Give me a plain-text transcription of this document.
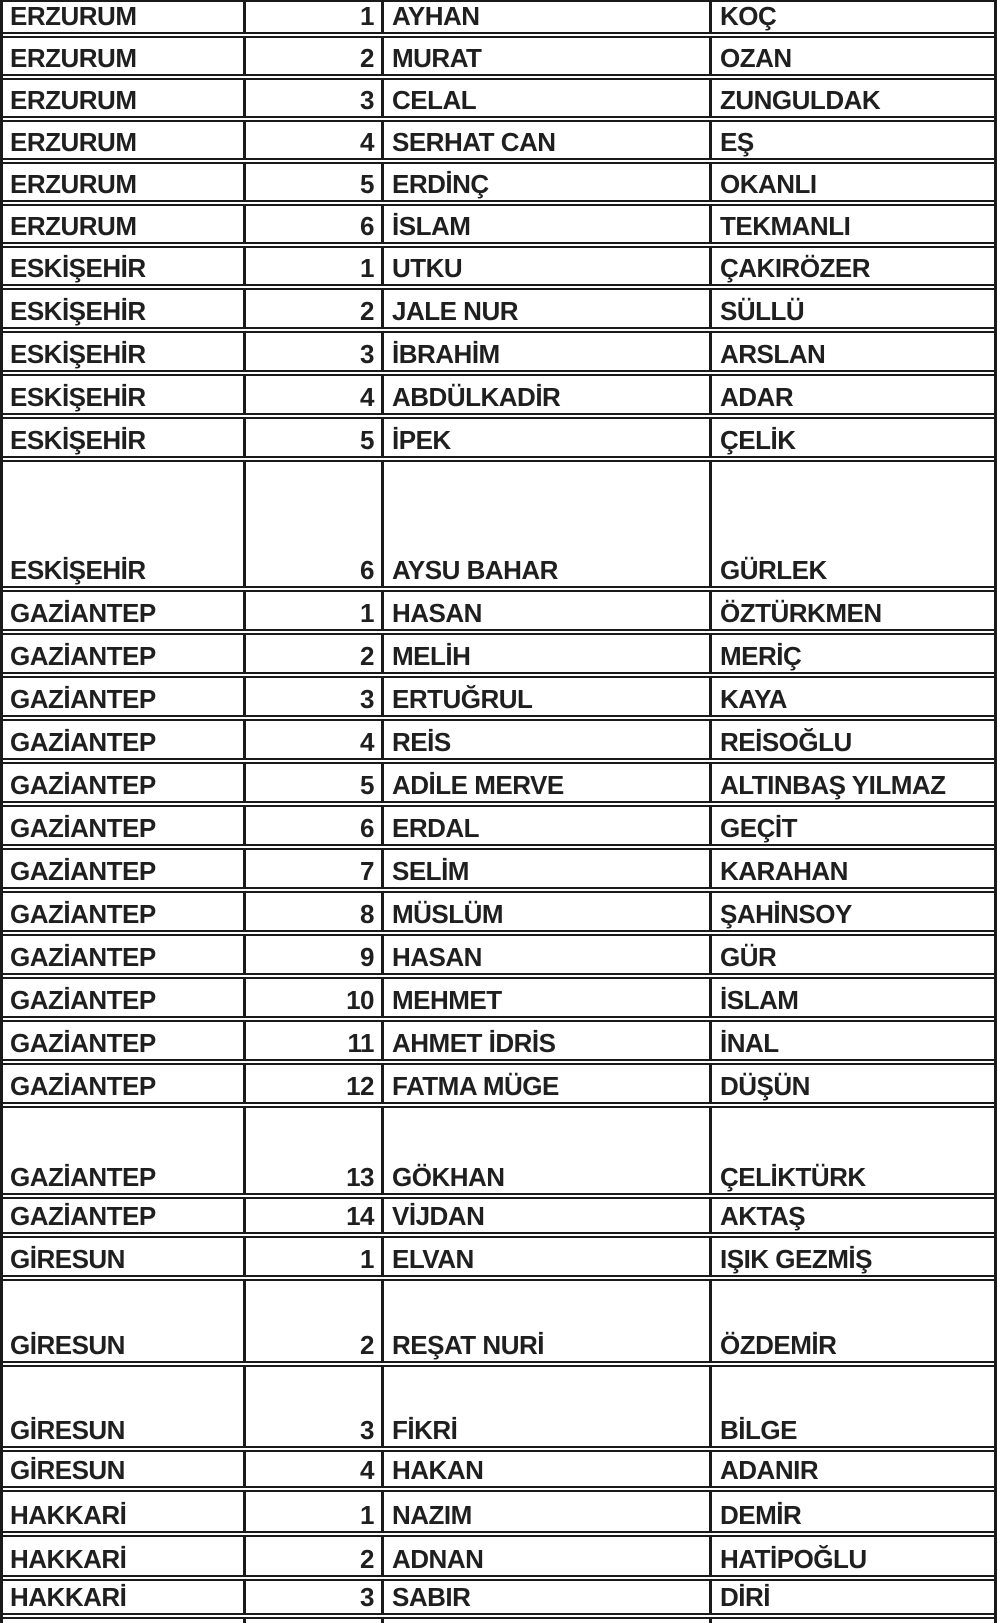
ERZURUM	1 AYHAN	KOÇ
ERZURUM	2 MURAT	OZAN
ERZURUM	3 CELAL	ZUNGULDAK
ERZURUM	4 SERHAT CAN	EŞ
ERZURUM	5 ERDİNÇ	OKANLI
ERZURUM	6 İSLAM	TEKMANLI
ESKİŞEHİR	1 UTKU	ÇAKIRÖZER
ESKİŞEHİR	2 JALE NUR	SÜLLÜ
ESKİŞEHİR	3 İBRAHİM	ARSLAN
ESKİŞEHİR	4 ABDÜLKADİR	ADAR
ESKİŞEHİR	5 İPEK	ÇELİK
ESKİŞEHİR	6 AYSU BAHAR	GÜRLEK
GAZİANTEP	1 HASAN	ÖZTÜRKMEN
GAZİANTEP	2 MELİH	MERİÇ
GAZİANTEP	3 ERTUĞRUL	KAYA
GAZİANTEP	4 REİS	REİSOĞLU
GAZİANTEP	5 ADİLE MERVE	ALTINBAŞ YILMAZ
GAZİANTEP	6 ERDAL	GEÇİT
GAZİANTEP	7 SELİM	KARAHAN
GAZİANTEP	8 MÜSLÜM	ŞAHİNSOY
GAZİANTEP	9 HASAN	GÜR
GAZİANTEP	10 MEHMET	İSLAM
GAZİANTEP	11 AHMET İDRİS	İNAL
GAZİANTEP	12 FATMA MÜGE	DÜŞÜN
GAZİANTEP	13 GÖKHAN	ÇELİKTÜRK
GAZİANTEP	14 VİJDAN	AKTAŞ
GİRESUN	1 ELVAN	IŞIK GEZMİŞ
GİRESUN	2 REŞAT NURİ	ÖZDEMİR
GİRESUN	3 FİKRİ	BİLGE
GİRESUN	4 HAKAN	ADANIR
HAKKARİ	1 NAZIM	DEMİR
HAKKARİ	2 ADNAN	HATİPOĞLU
HAKKARİ	3 SABIR	DİRİ
